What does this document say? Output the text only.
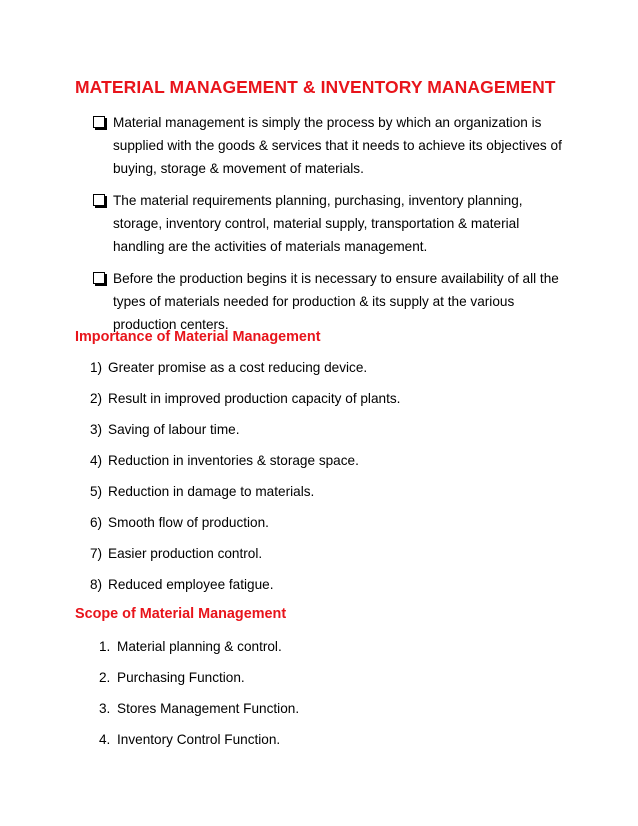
MATERIAL MANAGEMENT & INVENTORY MANAGEMENT
Material management is simply the process by which an organization is
supplied with the goods & services that it needs to achieve its objectives of
buying, storage & movement of materials.
The material requirements planning, purchasing, inventory planning,
storage, inventory control, material supply, transportation & material
handling are the activities of materials management.
Before the production begins it is necessary to ensure availability of all the
types of materials needed for production & its supply at the various
production centers.
Importance of Material Management
1) Greater promise as a cost reducing device.
2) Result in improved production capacity of plants.
3) Saving of labour time.
4) Reduction in inventories & storage space.
5) Reduction in damage to materials.
6) Smooth flow of production.
7) Easier production control.
8) Reduced employee fatigue.
Scope of Material Management
1. Material planning & control.
2. Purchasing Function.
3. Stores Management Function.
4. Inventory Control Function.
